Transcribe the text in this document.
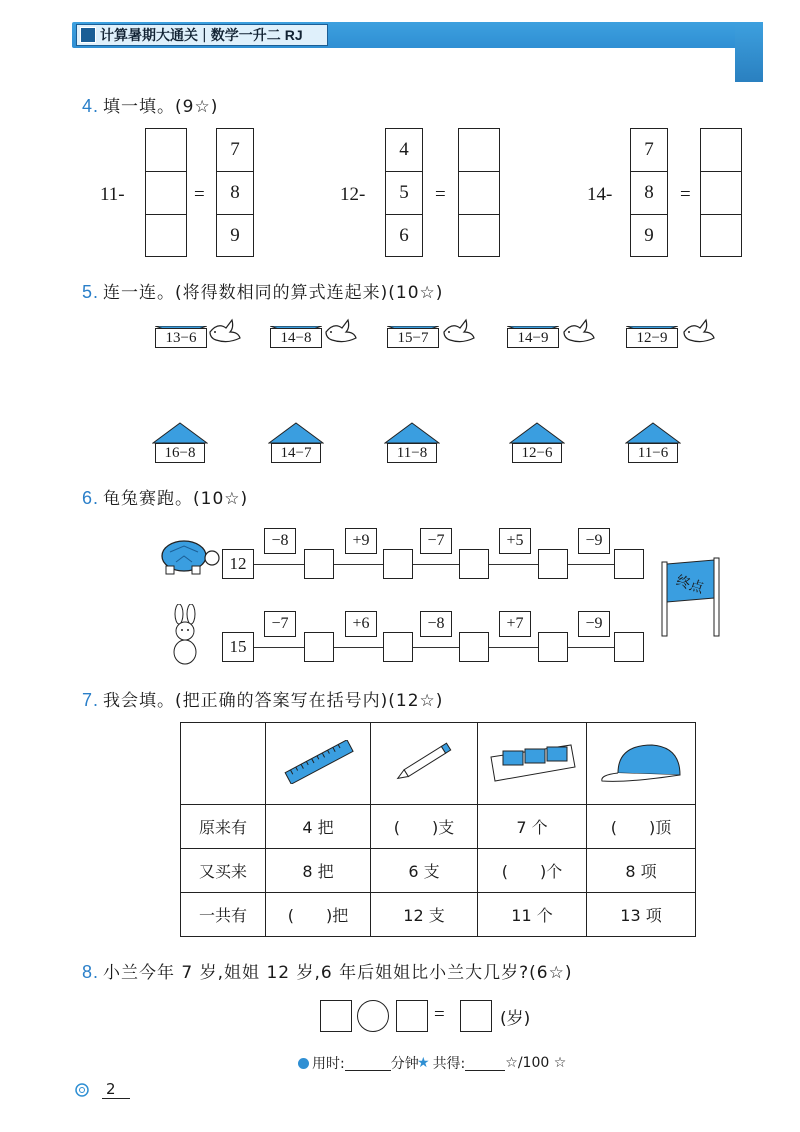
计算暑期大通关 | 数学一升二 RJ
4. 填一填。(9☆)
11-	=
7
8
9
12-
4
5
6
=	14-
7
8
9
=
5. 连一连。(将得数相同的算式连起来)(10☆)
13−6	14−8	15−7	14−9	12−9
16−8	14−7	11−8	12−6	11−6
6. 龟兔赛跑。(10☆)
12
−8	+9	−7	+5	−9
15
−7	+6	−8	+7	−9
终点
7. 我会填。(把正确的答案写在括号内)(12☆)

原来有	4 把	(　　)支	7 个	(　　)顶
又买来	8 把	6 支	(　　)个	8 项
一共有	(　　)把	12 支	11 个	13 项
8. 小兰今年 7 岁,姐姐 12 岁,6 年后姐姐比小兰大几岁?(6☆)
=	(岁)
用时:	分钟
★ 共得:	☆/100 ☆
2
